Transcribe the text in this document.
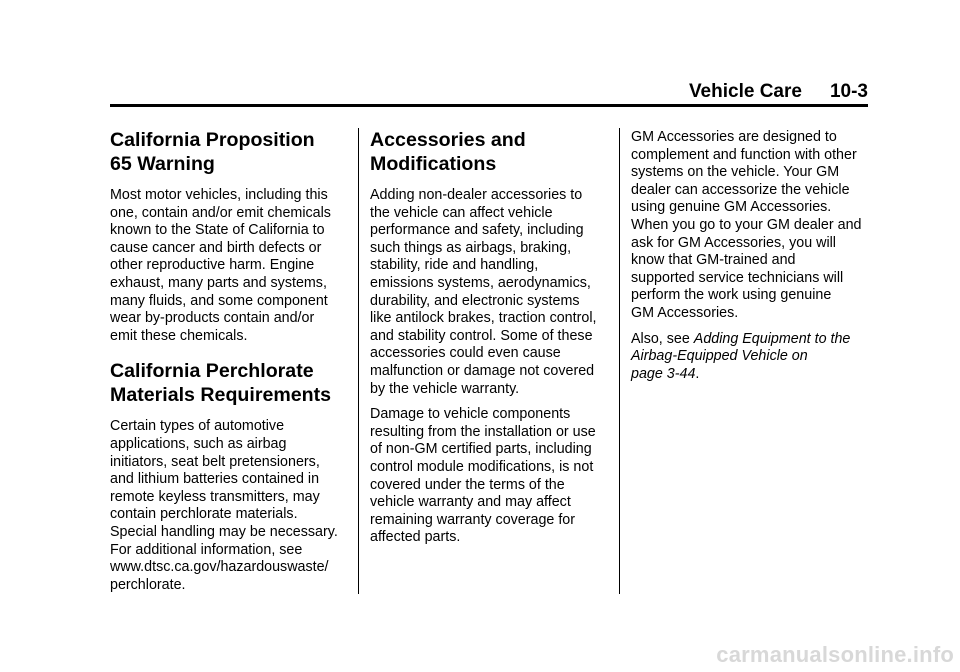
Vehicle Care 10-3
California Proposition
65 Warning

Most motor vehicles, including this
one, contain and/or emit chemicals
known to the State of California to
cause cancer and birth defects or
other reproductive harm. Engine
exhaust, many parts and systems,
many fluids, and some component
wear by-products contain and/or
emit these chemicals.

California Perchlorate
Materials Requirements

Certain types of automotive
applications, such as airbag
initiators, seat belt pretensioners,
and lithium batteries contained in
remote keyless transmitters, may
contain perchlorate materials.
Special handling may be necessary.
For additional information, see
www.dtsc.ca.gov/hazardouswaste/
perchlorate.

Accessories and
Modifications

Adding non-dealer accessories to
the vehicle can affect vehicle
performance and safety, including
such things as airbags, braking,
stability, ride and handling,
emissions systems, aerodynamics,
durability, and electronic systems
like antilock brakes, traction control,
and stability control. Some of these
accessories could even cause
malfunction or damage not covered
by the vehicle warranty.

Damage to vehicle components
resulting from the installation or use
of non-GM certified parts, including
control module modifications, is not
covered under the terms of the
vehicle warranty and may affect
remaining warranty coverage for
affected parts.

GM Accessories are designed to
complement and function with other
systems on the vehicle. Your GM
dealer can accessorize the vehicle
using genuine GM Accessories.
When you go to your GM dealer and
ask for GM Accessories, you will
know that GM-trained and
supported service technicians will
perform the work using genuine
GM Accessories.

Also, see Adding Equipment to the
Airbag-Equipped Vehicle on
page 3-44.

carmanualsonline.info
